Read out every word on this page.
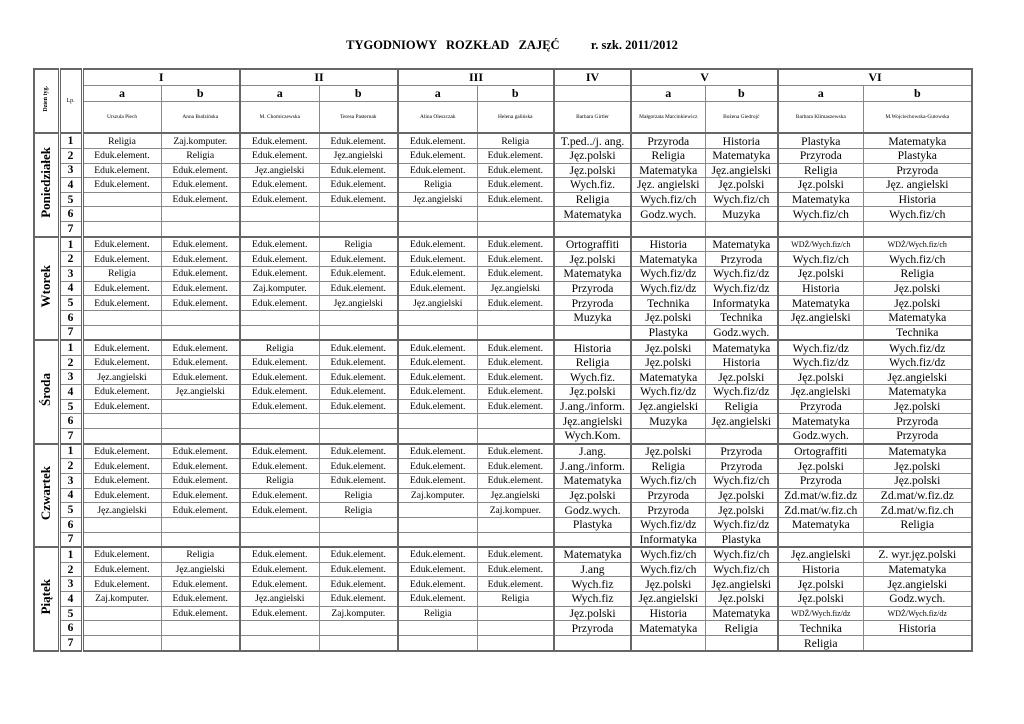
TYGODNIOWY   ROZKŁAD   ZAJĘĆ          r. szk. 2011/2012
Dzień tyg.	Lp.	I		II		III		IV	V		VI	
		a	b	a	b	a	b		a	b	a	b
		Urszula Piech	Anna Budzińska	M. Chomiczewska	Teresa Pasternak	Alina Oleszczak	Helena galińska	Barbara Girtler	Małgorzata Marcinkiewicz	Bożena Giedrojć	Barbara Klimaszewska	M.Wojciechowska-Gutowska
Poniedziałek	1	Religia	Zaj.komputer.	Eduk.element.	Eduk.element.	Eduk.element.	Religia	T.ped../j. ang.	Przyroda	Historia	Plastyka	Matematyka
	2	Eduk.element.	Religia	Eduk.element.	Jęz.angielski	Eduk.element.	Eduk.element.	Jęz.polski	Religia	Matematyka	Przyroda	Plastyka
	3	Eduk.element.	Eduk.element.	Jęz.angielski	Eduk.element.	Eduk.element.	Eduk.element.	Jęz.polski	Matematyka	Jęz.angielski	Religia	Przyroda
	4	Eduk.element.	Eduk.element.	Eduk.element.	Eduk.element.	Religia	Eduk.element.	Wych.fiz.	Jęz. angielski	Jęz.polski	Jęz.polski	Jęz. angielski
	5		Eduk.element.	Eduk.element.	Eduk.element.	Jęz.angielski	Eduk.element.	Religia	Wych.fiz/ch	Wych.fiz/ch	Matematyka	Historia
	6							Matematyka	Godz.wych.	Muzyka	Wych.fiz/ch	Wych.fiz/ch
	7											
Wtorek	1	Eduk.element.	Eduk.element.	Eduk.element.	Religia	Eduk.element.	Eduk.element.	Ortograffiti	Historia	Matematyka	WDŻ/Wych.fiz/ch	WDŻ/Wych.fiz/ch
	2	Eduk.element.	Eduk.element.	Eduk.element.	Eduk.element.	Eduk.element.	Eduk.element.	Jęz.polski	Matematyka	Przyroda	Wych.fiz/ch	Wych.fiz/ch
	3	Religia	Eduk.element.	Eduk.element.	Eduk.element.	Eduk.element.	Eduk.element.	Matematyka	Wych.fiz/dz	Wych.fiz/dz	Jęz.polski	Religia
	4	Eduk.element.	Eduk.element.	Zaj.komputer.	Eduk.element.	Eduk.element.	Jęz.angielski	Przyroda	Wych.fiz/dz	Wych.fiz/dz	Historia	Jęz.polski
	5	Eduk.element.	Eduk.element.	Eduk.element.	Jęz.angielski	Jęz.angielski	Eduk.element.	Przyroda	Technika	Informatyka	Matematyka	Jęz.polski
	6							Muzyka	Jęz.polski	Technika	Jęz.angielski	Matematyka
	7								Plastyka	Godz.wych.		Technika
Środa	1	Eduk.element.	Eduk.element.	Religia	Eduk.element.	Eduk.element.	Eduk.element.	Historia	Jęz.polski	Matematyka	Wych.fiz/dz	Wych.fiz/dz
	2	Eduk.element.	Eduk.element.	Eduk.element.	Eduk.element.	Eduk.element.	Eduk.element.	Religia	Jęz.polski	Historia	Wych.fiz/dz	Wych.fiz/dz
	3	Jęz.angielski	Eduk.element.	Eduk.element.	Eduk.element.	Eduk.element.	Eduk.element.	Wych.fiz.	Matematyka	Jęz.polski	Jęz.polski	Jęz.angielski
	4	Eduk.element.	Jęz.angielski	Eduk.element.	Eduk.element.	Eduk.element.	Eduk.element.	Jęz.polski	Wych.fiz/dz	Wych.fiz/dz	Jęz.angielski	Matematyka
	5	Eduk.element.		Eduk.element.	Eduk.element.	Eduk.element.	Eduk.element.	J.ang./inform.	Jęz.angielski	Religia	Przyroda	Jęz.polski
	6							Jęz.angielski	Muzyka	Jęz.angielski	Matematyka	Przyroda
	7							Wych.Kom.			Godz.wych.	Przyroda
Czwartek	1	Eduk.element.	Eduk.element.	Eduk.element.	Eduk.element.	Eduk.element.	Eduk.element.	J.ang.	Jęz.polski	Przyroda	Ortograffiti	Matematyka
	2	Eduk.element.	Eduk.element.	Eduk.element.	Eduk.element.	Eduk.element.	Eduk.element.	J.ang./inform.	Religia	Przyroda	Jęz.polski	Jęz.polski
	3	Eduk.element.	Eduk.element.	Religia	Eduk.element.	Eduk.element.	Eduk.element.	Matematyka	Wych.fiz/ch	Wych.fiz/ch	Przyroda	Jęz.polski
	4	Eduk.element.	Eduk.element.	Eduk.element.	Religia	Zaj.komputer.	Jęz.angielski	Jęz.polski	Przyroda	Jęz.polski	Zd.mat/w.fiz.dz	Zd.mat/w.fiz.dz
	5	Jęz.angielski	Eduk.element.	Eduk.element.	Religia		Zaj.kompuer.	Godz.wych.	Przyroda	Jęz.polski	Zd.mat/w.fiz.ch	Zd.mat/w.fiz.ch
	6							Plastyka	Wych.fiz/dz	Wych.fiz/dz	Matematyka	Religia
	7								Informatyka	Plastyka		
Piątek	1	Eduk.element.	Religia	Eduk.element.	Eduk.element.	Eduk.element.	Eduk.element.	Matematyka	Wych.fiz/ch	Wych.fiz/ch	Jęz.angielski	Z. wyr.jęz.polski
	2	Eduk.element.	Jęz.angielski	Eduk.element.	Eduk.element.	Eduk.element.	Eduk.element.	J.ang	Wych.fiz/ch	Wych.fiz/ch	Historia	Matematyka
	3	Eduk.element.	Eduk.element.	Eduk.element.	Eduk.element.	Eduk.element.	Eduk.element.	Wych.fiz	Jęz.polski	Jęz.angielski	Jęz.polski	Jęz.angielski
	4	Zaj.komputer.	Eduk.element.	Jęz.angielski	Eduk.element.	Eduk.element.	Religia	Wych.fiz	Jęz.angielski	Jęz.polski	Jęz.polski	Godz.wych.
	5		Eduk.element.	Eduk.element.	Zaj.komputer.	Religia		Jęz.polski	Historia	Matematyka	WDŻ/Wych.fiz/dz	WDŻ/Wych.fiz/dz
	6							Przyroda	Matematyka	Religia	Technika	Historia
	7										Religia	
